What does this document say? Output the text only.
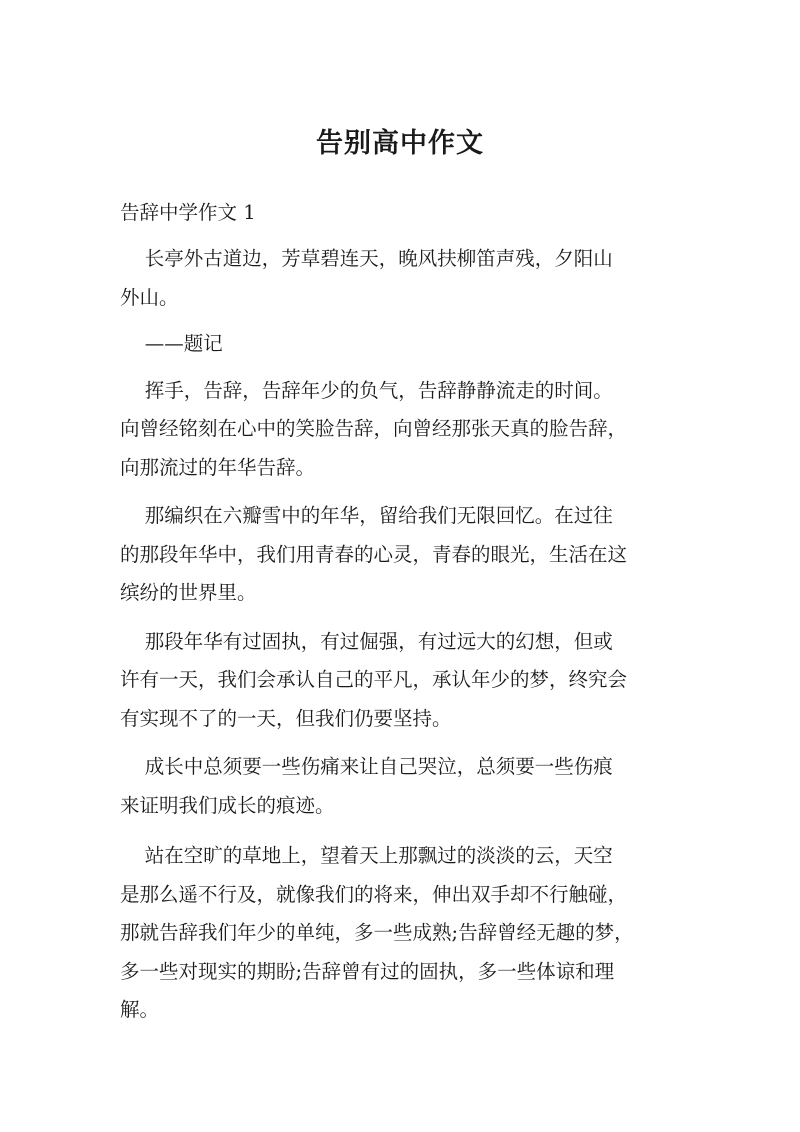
告别高中作文
告辞中学作文 1

长亭外古道边，芳草碧连天，晚风扶柳笛声残，夕阳山

外山。

——题记

挥手，告辞，告辞年少的负气，告辞静静流走的时间。

向曾经铭刻在心中的笑脸告辞，向曾经那张天真的脸告辞，

向那流过的年华告辞。

那编织在六瓣雪中的年华，留给我们无限回忆。在过往

的那段年华中，我们用青春的心灵，青春的眼光，生活在这

缤纷的世界里。

那段年华有过固执，有过倔强，有过远大的幻想，但或

许有一天，我们会承认自己的平凡，承认年少的梦，终究会

有实现不了的一天，但我们仍要坚持。

成长中总须要一些伤痛来让自己哭泣，总须要一些伤痕

来证明我们成长的痕迹。

站在空旷的草地上，望着天上那飘过的淡淡的云，天空

是那么遥不行及，就像我们的将来，伸出双手却不行触碰，

那就告辞我们年少的单纯，多一些成熟;告辞曾经无趣的梦，

多一些对现实的期盼;告辞曾有过的固执，多一些体谅和理

解。
